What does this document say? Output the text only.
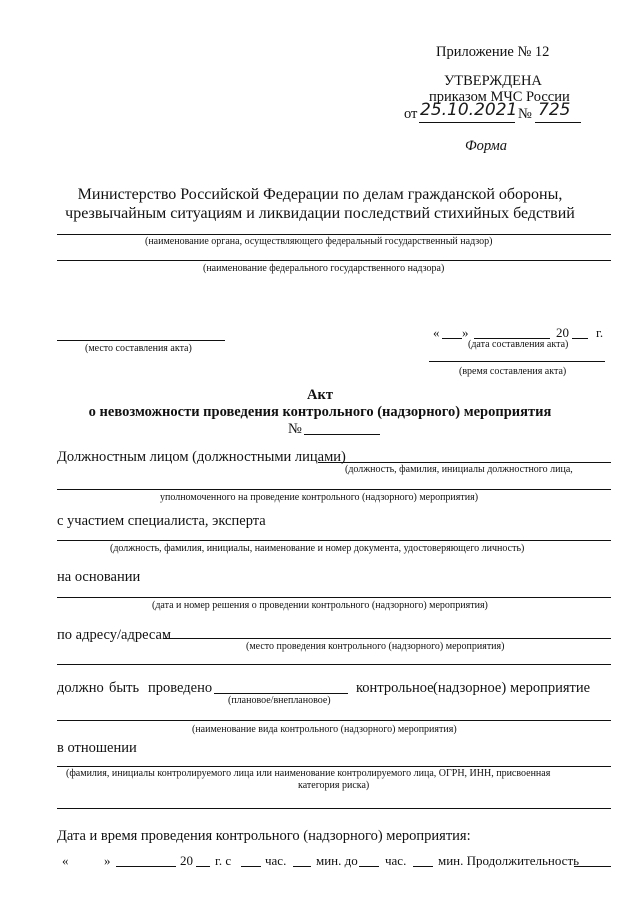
Приложение № 12
УТВЕРЖДЕНА
приказом МЧС России
от 25.10.2021 № 725
Форма
Министерство Российской Федерации по делам гражданской обороны,
чрезвычайным ситуациям и ликвидации последствий стихийных бедствий
(наименование органа, осуществляющего федеральный государственный надзор)
(наименование федерального государственного надзора)
« »	20 г.
(место составления акта)	(дата составления акта)
(время составления акта)
Акт
о невозможности проведения контрольного (надзорного) мероприятия
№
Должностным лицом (должностными лицами)
(должность, фамилия, инициалы должностного лица,
уполномоченного на проведение контрольного (надзорного) мероприятия)
с участием специалиста, эксперта
(должность, фамилия, инициалы, наименование и номер документа, удостоверяющего личность)
на основании
(дата и номер решения о проведении контрольного (надзорного) мероприятия)
по адресу/адресам
(место проведения контрольного (надзорного) мероприятия)
должно быть проведено	контрольное (надзорное) мероприятие
(плановое/внеплановое)
(наименование вида контрольного (надзорного) мероприятия)
в отношении
(фамилия, инициалы контролируемого лица или наименование контролируемого лица, ОГРН, ИНН, присвоенная
категория риска)
Дата и время проведения контрольного (надзорного) мероприятия:
«	»	20 г. с	час. мин. до час. мин. Продолжительность
